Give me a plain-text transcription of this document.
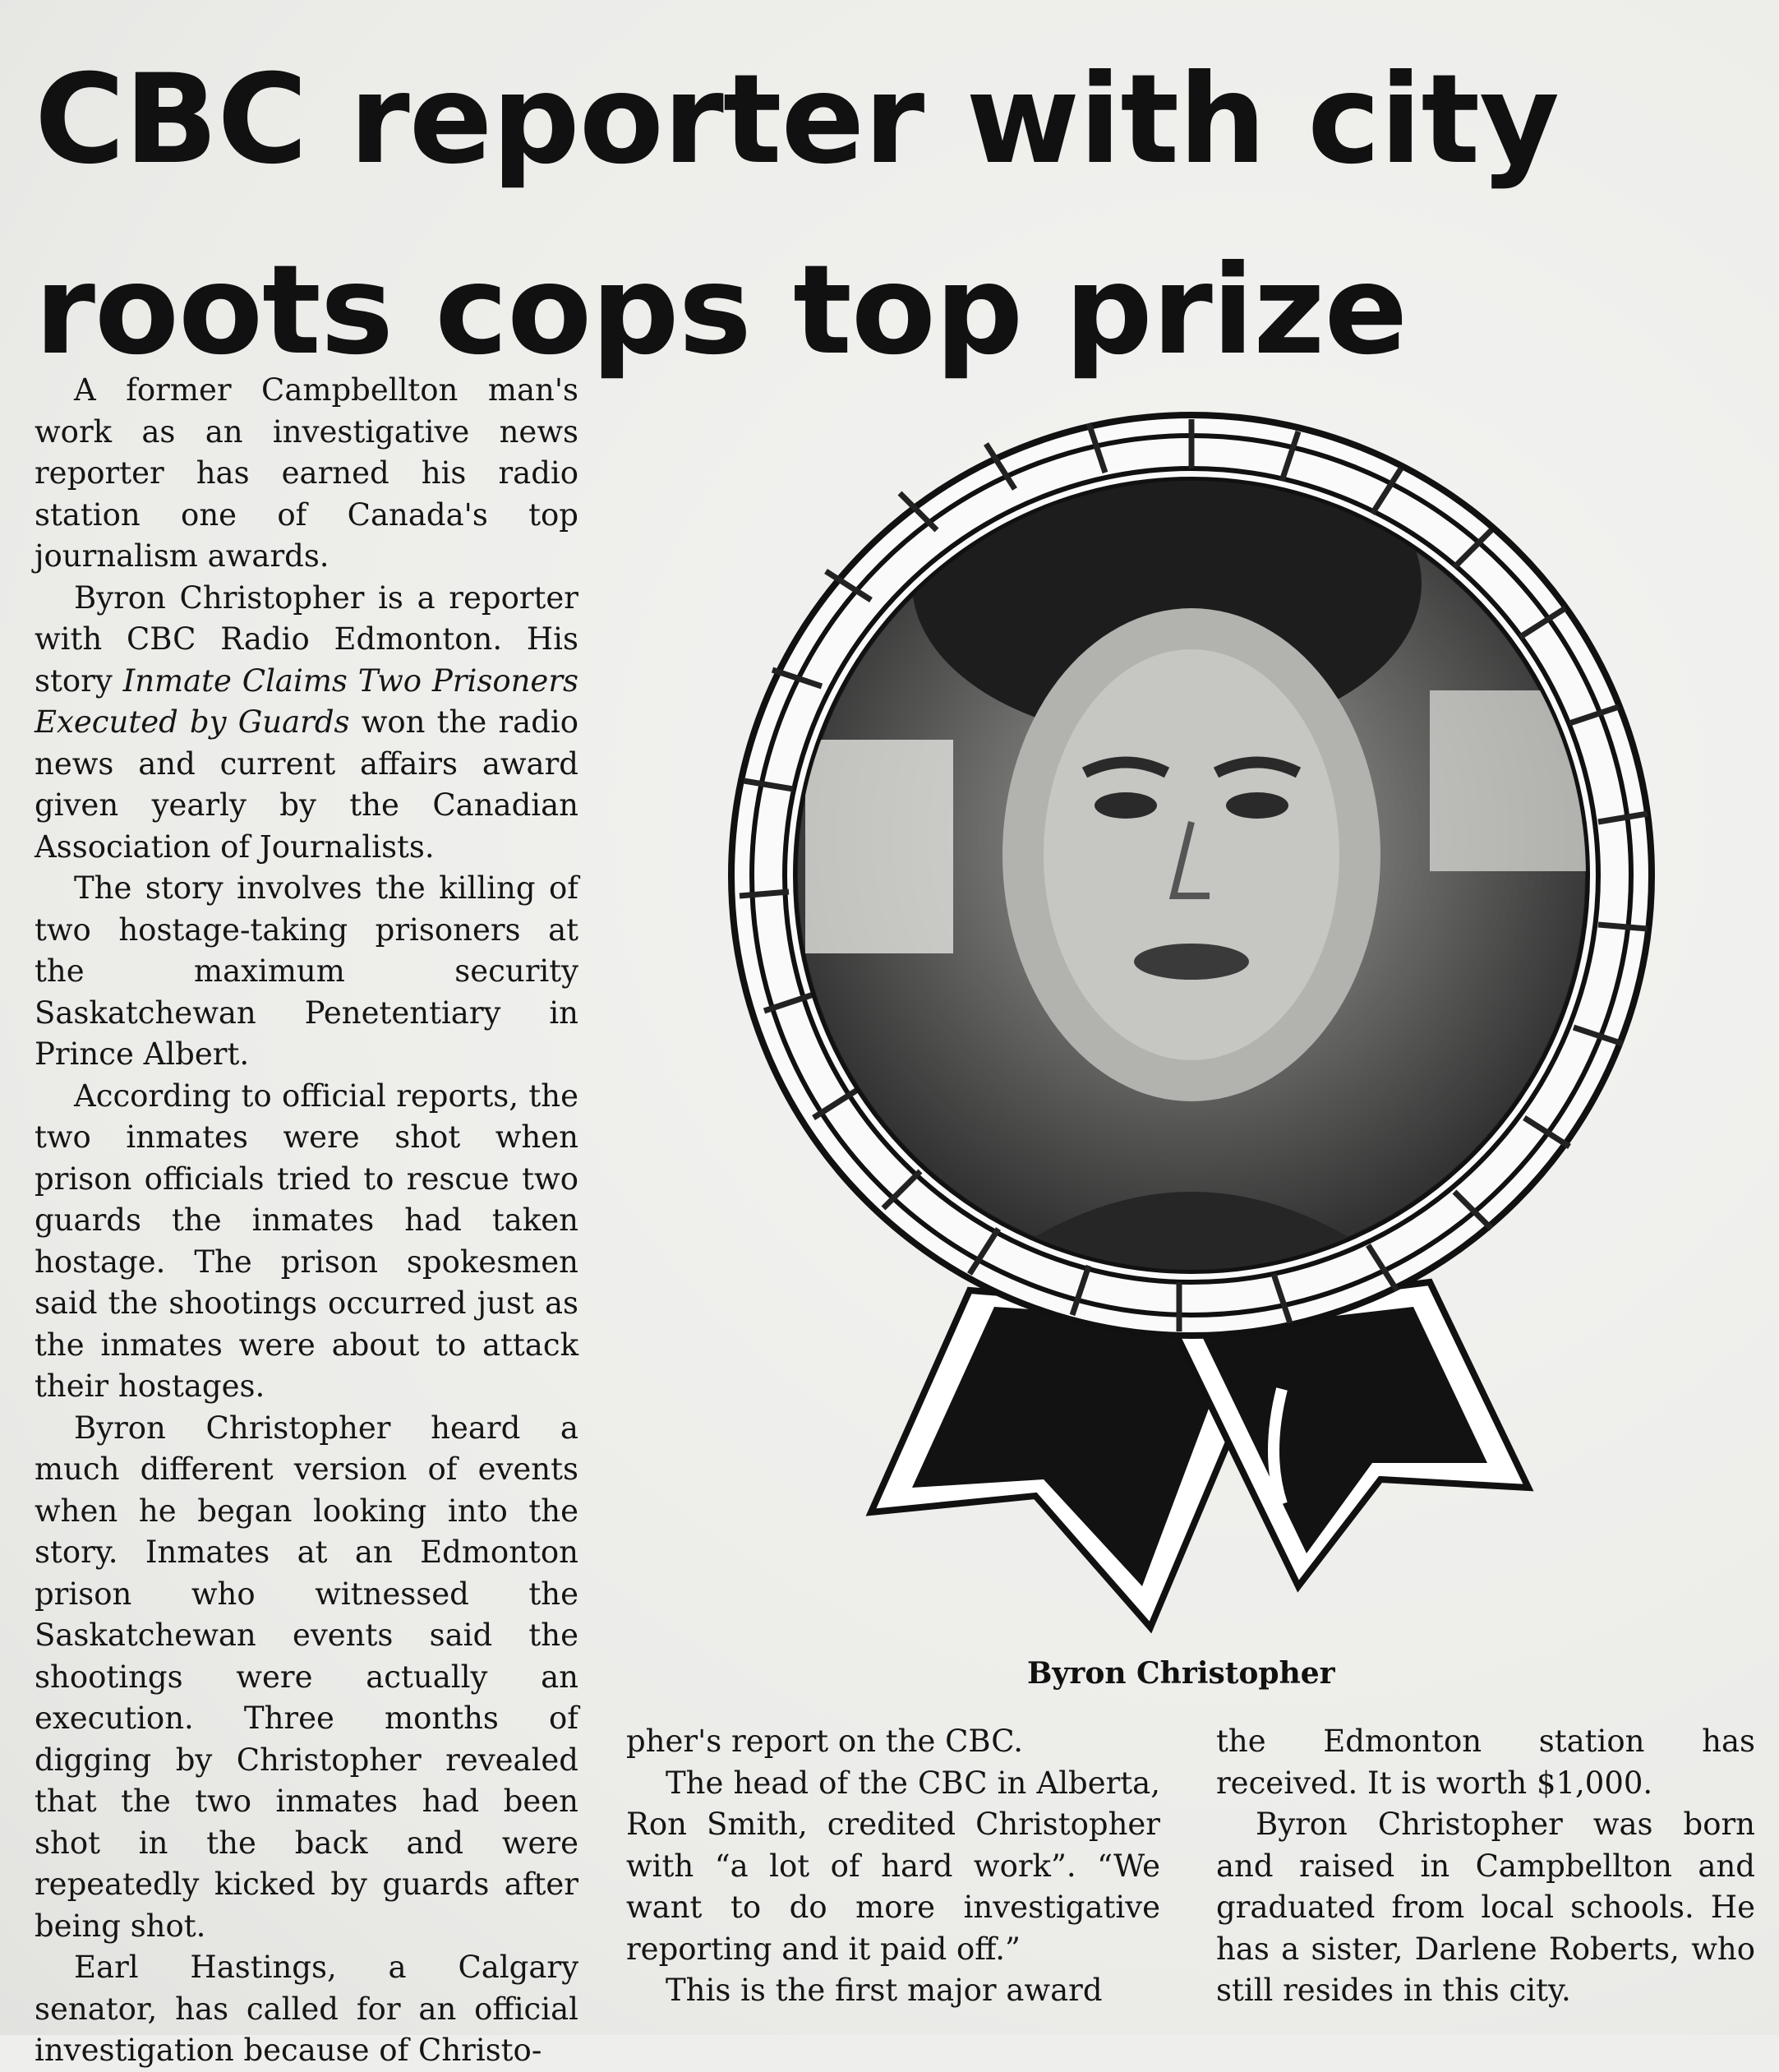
CBC reporter with city
roots cops top prize

A former Campbellton man's work as an investigative news reporter has earned his radio station one of Canada's top journalism awards.

Byron Christopher is a reporter with CBC Radio Edmonton. His story Inmate Claims Two Prisoners Executed by Guards won the radio news and current affairs award given yearly by the Canadian Association of Journalists.

The story involves the killing of two hostage-taking prisoners at the maximum security Saskatchewan Penetentiary in Prince Albert.

According to official reports, the two inmates were shot when prison officials tried to rescue two guards the inmates had taken hostage. The prison spokesmen said the shootings occurred just as the inmates were about to attack their hostages.

Byron Christopher heard a much different version of events when he began looking into the story. Inmates at an Edmonton prison who witnessed the Saskatchewan events said the shootings were actually an execution. Three months of digging by Christopher revealed that the two inmates had been shot in the back and were repeatedly kicked by guards after being shot.

Earl Hastings, a Calgary senator, has called for an official investigation because of Christo-

Byron Christopher

pher's report on the CBC.

The head of the CBC in Alberta, Ron Smith, credited Christopher with “a lot of hard work”. “We want to do more investigative reporting and it paid off.”

This is the first major award

the Edmonton station has received. It is worth $1,000.

Byron Christopher was born and raised in Campbellton and graduated from local schools. He has a sister, Darlene Roberts, who still resides in this city.
